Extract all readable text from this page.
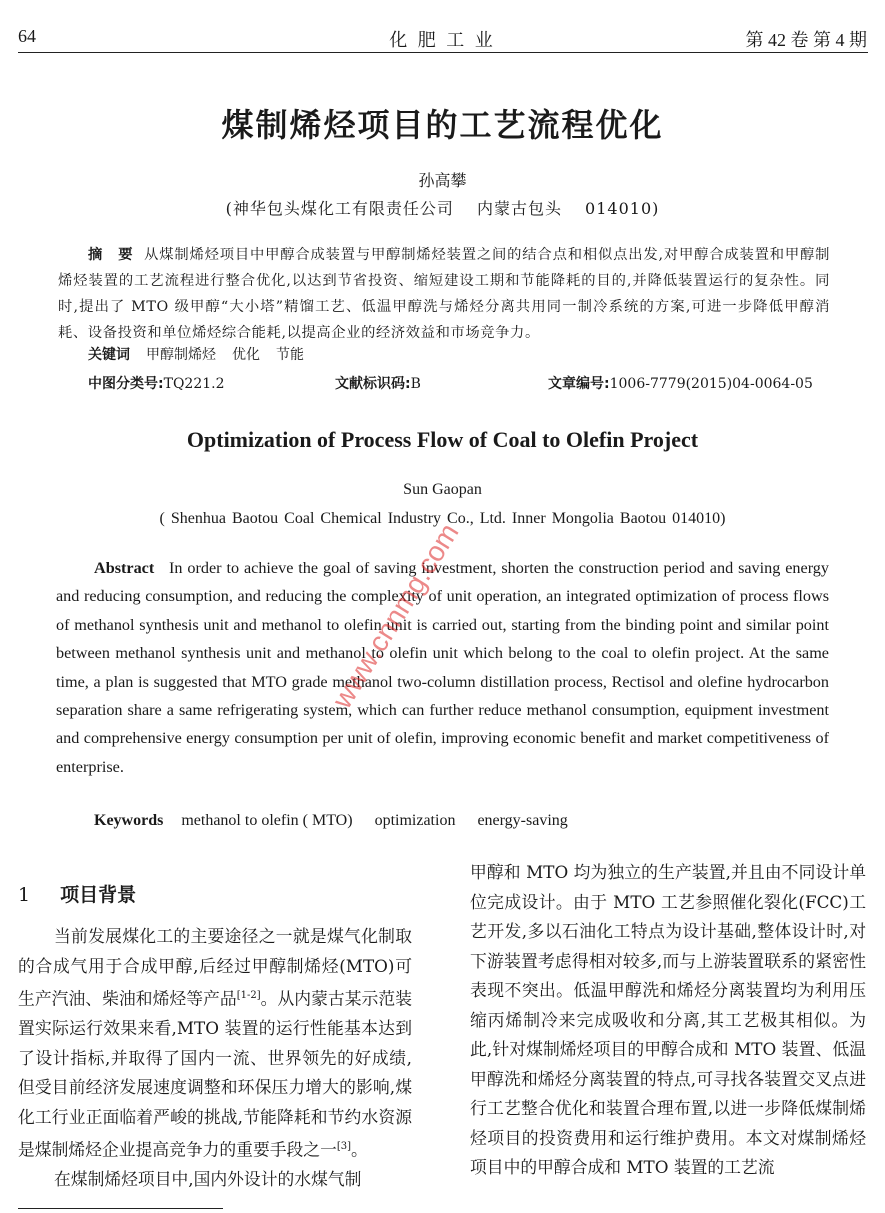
64	化 肥 工 业	第 42 卷 第 4 期
煤制烯烃项目的工艺流程优化
孙高攀
(神华包头煤化工有限责任公司　 内蒙古包头　 014010)
摘　要 从煤制烯烃项目中甲醇合成装置与甲醇制烯烃装置之间的结合点和相似点出发,对甲醇合成装置和甲醇制烯烃装置的工艺流程进行整合优化,以达到节省投资、缩短建设工期和节能降耗的目的,并降低装置运行的复杂性。同时,提出了 MTO 级甲醇“大小塔”精馏工艺、低温甲醇洗与烯烃分离共用同一制冷系统的方案,可进一步降低甲醇消耗、设备投资和单位烯烃综合能耗,以提高企业的经济效益和市场竞争力。
关键词 甲醇制烯烃 优化 节能
中图分类号:TQ221.2	文献标识码:B	文章编号:1006-7779(2015)04-0064-05
Optimization of Process Flow of Coal to Olefin Project
Sun Gaopan
( Shenhua Baotou Coal Chemical Industry Co., Ltd. Inner Mongolia Baotou 014010)
Abstract In order to achieve the goal of saving investment, shorten the construction period and saving energy and reducing consumption, and reducing the complexity of unit operation, an integrated optimization of process flows of methanol synthesis unit and methanol to olefin unit is carried out, starting from the binding point and similar point between methanol synthesis unit and methanol to olefin unit which belong to the coal to olefin project. At the same time, a plan is suggested that MTO grade methanol two-column distillation process, Rectisol and olefine hydrocarbon separation share a same refrigerating system, which can further reduce methanol consumption, equipment investment and comprehensive energy consumption per unit of olefin, improving economic benefit and market competitiveness of enterprise.
Keywords methanol to olefin ( MTO) optimization energy-saving
1 项目背景

当前发展煤化工的主要途径之一就是煤气化制取的合成气用于合成甲醇,后经过甲醇制烯烃(MTO)可生产汽油、柴油和烯烃等产品[1-2]。从内蒙古某示范装置实际运行效果来看,MTO 装置的运行性能基本达到了设计指标,并取得了国内一流、世界领先的好成绩,但受目前经济发展速度调整和环保压力增大的影响,煤化工行业正面临着严峻的挑战,节能降耗和节约水资源是煤制烯烃企业提高竞争力的重要手段之一[3]。

在煤制烯烃项目中,国内外设计的水煤气制

甲醇和 MTO 均为独立的生产装置,并且由不同设计单位完成设计。由于 MTO 工艺参照催化裂化(FCC)工艺开发,多以石油化工特点为设计基础,整体设计时,对下游装置考虑得相对较多,而与上游装置联系的紧密性表现不突出。低温甲醇洗和烯烃分离装置均为利用压缩丙烯制冷来完成吸收和分离,其工艺极其相似。为此,针对煤制烯烃项目的甲醇合成和 MTO 装置、低温甲醇洗和烯烃分离装置的特点,可寻找各装置交叉点进行工艺整合优化和装置合理布置,以进一步降低煤制烯烃项目的投资费用和运行维护费用。本文对煤制烯烃项目中的甲醇合成和 MTO 装置的工艺流

www.cnnmg.com
